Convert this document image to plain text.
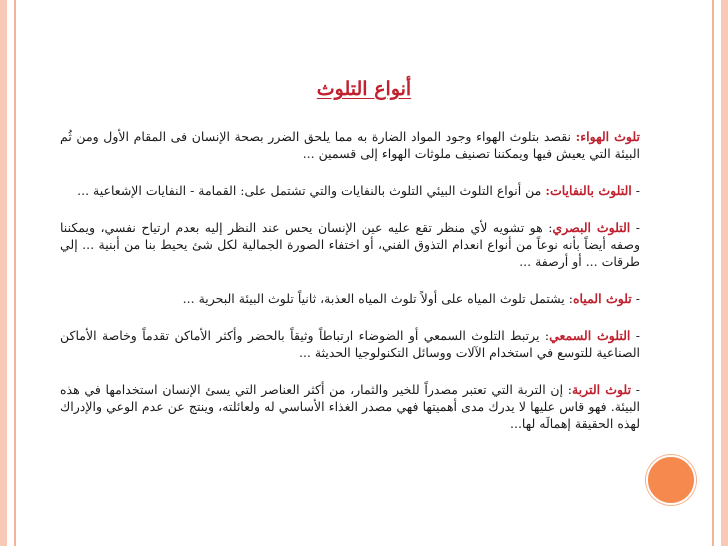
أنواع التلوث

تلوث الهواء: نقصد بتلوث الهواء وجود المواد الضارة به مما يلحق الضرر بصحة الإنسان فى المقام الأول ومن ثُم البيئة التي يعيش فيها ويمكننا تصنيف ملوثات الهواء إلى قسمين ...

- التلوث بالنفايات: من أنواع التلوث البيئي التلوث بالنفايات والتي تشتمل على: القمامة - النفايات الإشعاعية ...

- التلوث البصري: هو تشويه لأي منظر تقع عليه عين الإنسان يحس عند النظر إليه بعدم ارتياح نفسي، ويمكننا وصفه أيضاً بأنه نوعاً من أنواع انعدام التذوق الفني، أو اختفاء الصورة الجمالية لكل شئ يحيط بنا من أبنية ... إلي طرقات ... أو أرصفة ...

- تلوث المياه: يشتمل تلوث المياه على أولاً تلوث المياه العذبة، ثانياً تلوث البيئة البحرية ...

- التلوث السمعي: يرتبط التلوث السمعي أو الضوضاء ارتباطاً وثيقاً بالحضر وأكثر الأماكن تقدماً وخاصة الأماكن الصناعية للتوسع في استخدام الآلات ووسائل التكنولوجيا الحديثة ...

- تلوث التربة: إن التربة التي تعتبر مصدراً للخير والثمار، من أكثر العناصر التي يسئ الإنسان استخدامها في هذه البيئة. فهو قاس عليها لا يدرك مدى أهميتها فهي مصدر الغذاء الأساسي له ولعائلته، وينتج عن عدم الوعي والإدراك لهذه الحقيقة إهمالَه لها...
